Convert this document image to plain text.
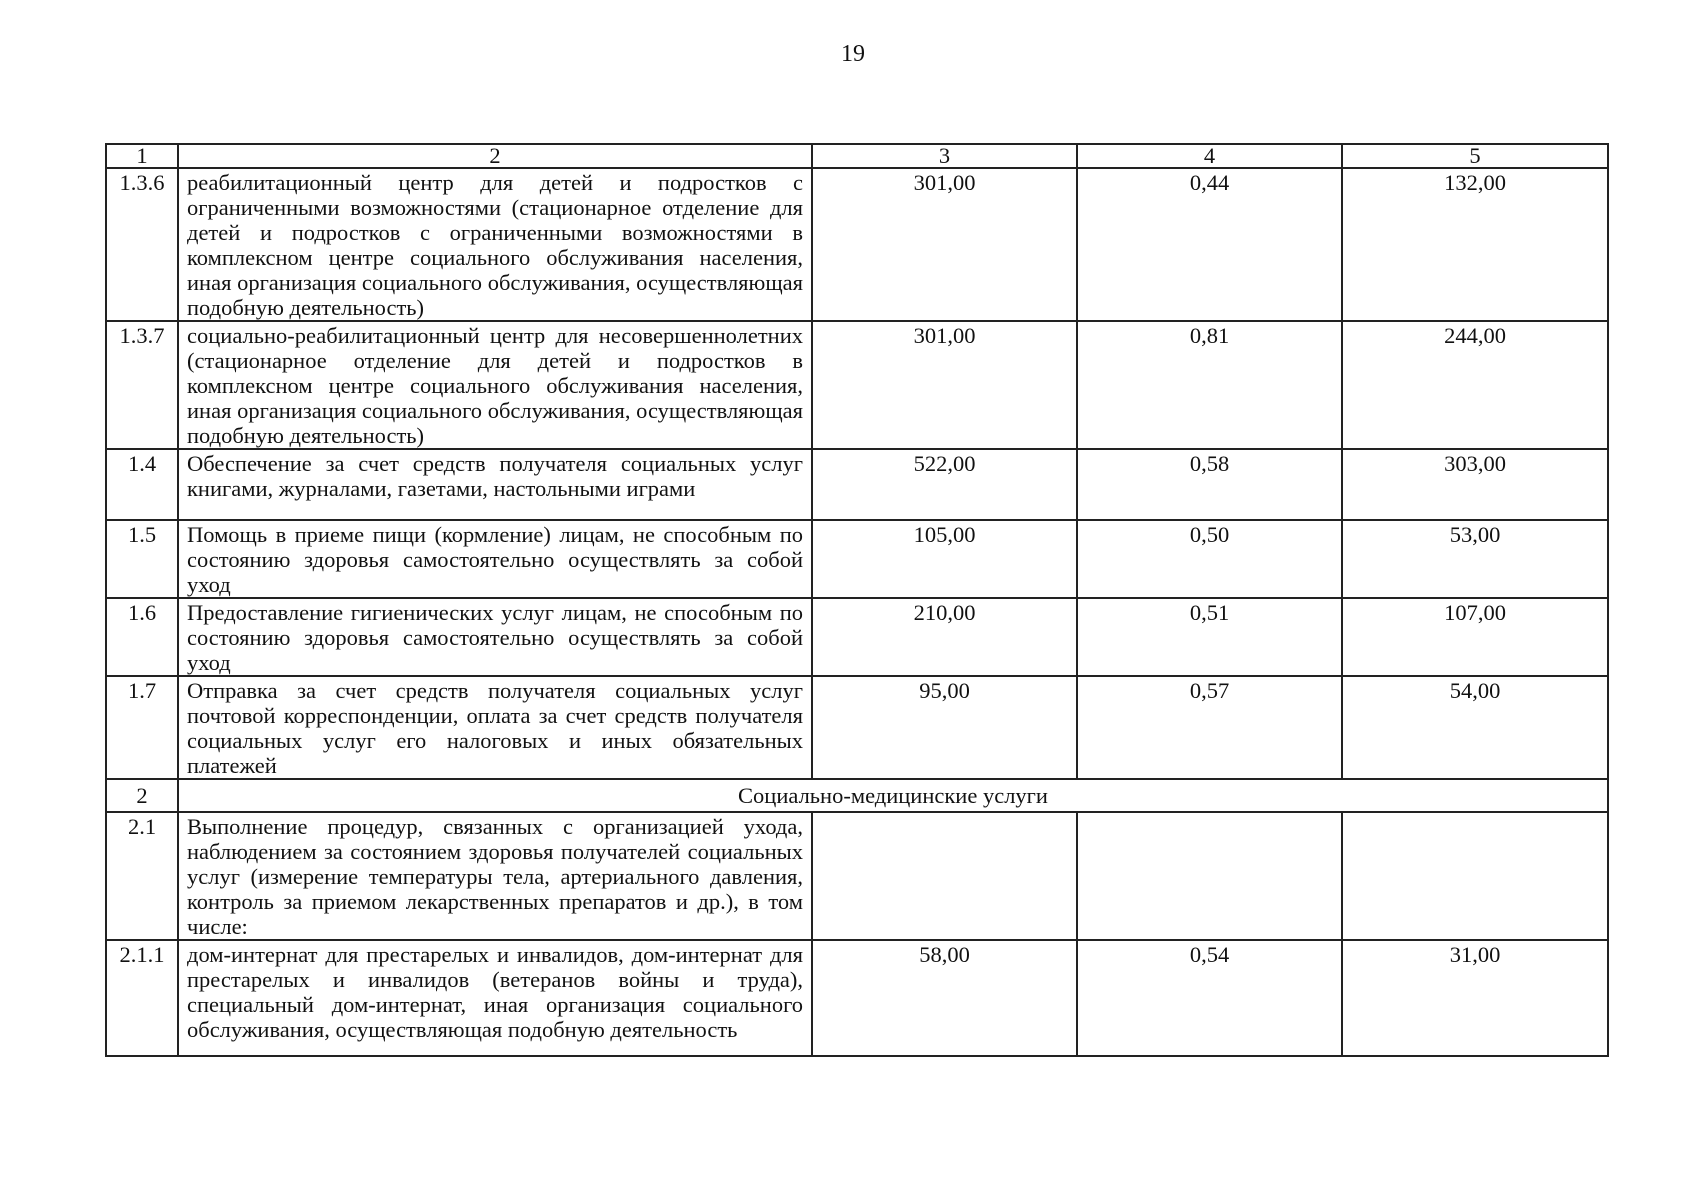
19
1	2	3	4	5
1.3.6	реабилитационный центр для детей и подростков с ограниченными возможностями (стационарное отделение для детей и подростков с ограниченными возможностями в комплексном центре социального обслуживания населения, иная организация социального обслуживания, осуществляющая подобную деятельность)	301,00	0,44	132,00
1.3.7	социально-реабилитационный центр для несовершеннолетних (стационарное отделение для детей и подростков в комплексном центре социального обслуживания населения, иная организация социального обслуживания, осуществляющая подобную деятельность)	301,00	0,81	244,00
1.4	Обеспечение за счет средств получателя социальных услуг книгами, журналами, газетами, настольными играми	522,00	0,58	303,00
1.5	Помощь в приеме пищи (кормление) лицам, не способным по состоянию здоровья самостоятельно осуществлять за собой уход	105,00	0,50	53,00
1.6	Предоставление гигиенических услуг лицам, не способным по состоянию здоровья самостоятельно осуществлять за собой уход	210,00	0,51	107,00
1.7	Отправка за счет средств получателя социальных услуг почтовой корреспонденции, оплата за счет средств получателя социальных услуг его налоговых и иных обязательных платежей	95,00	0,57	54,00
2	Социально-медицинские услуги			
2.1	Выполнение процедур, связанных с организацией ухода, наблюдением за состоянием здоровья получателей социальных услуг (измерение температуры тела, артериального давления, контроль за приемом лекарственных препаратов и др.), в том числе:			
2.1.1	дом-интернат для престарелых и инвалидов, дом-интернат для престарелых и инвалидов (ветеранов войны и труда), специальный дом-интернат, иная организация социального обслуживания, осуществляющая подобную деятельность	58,00	0,54	31,00
